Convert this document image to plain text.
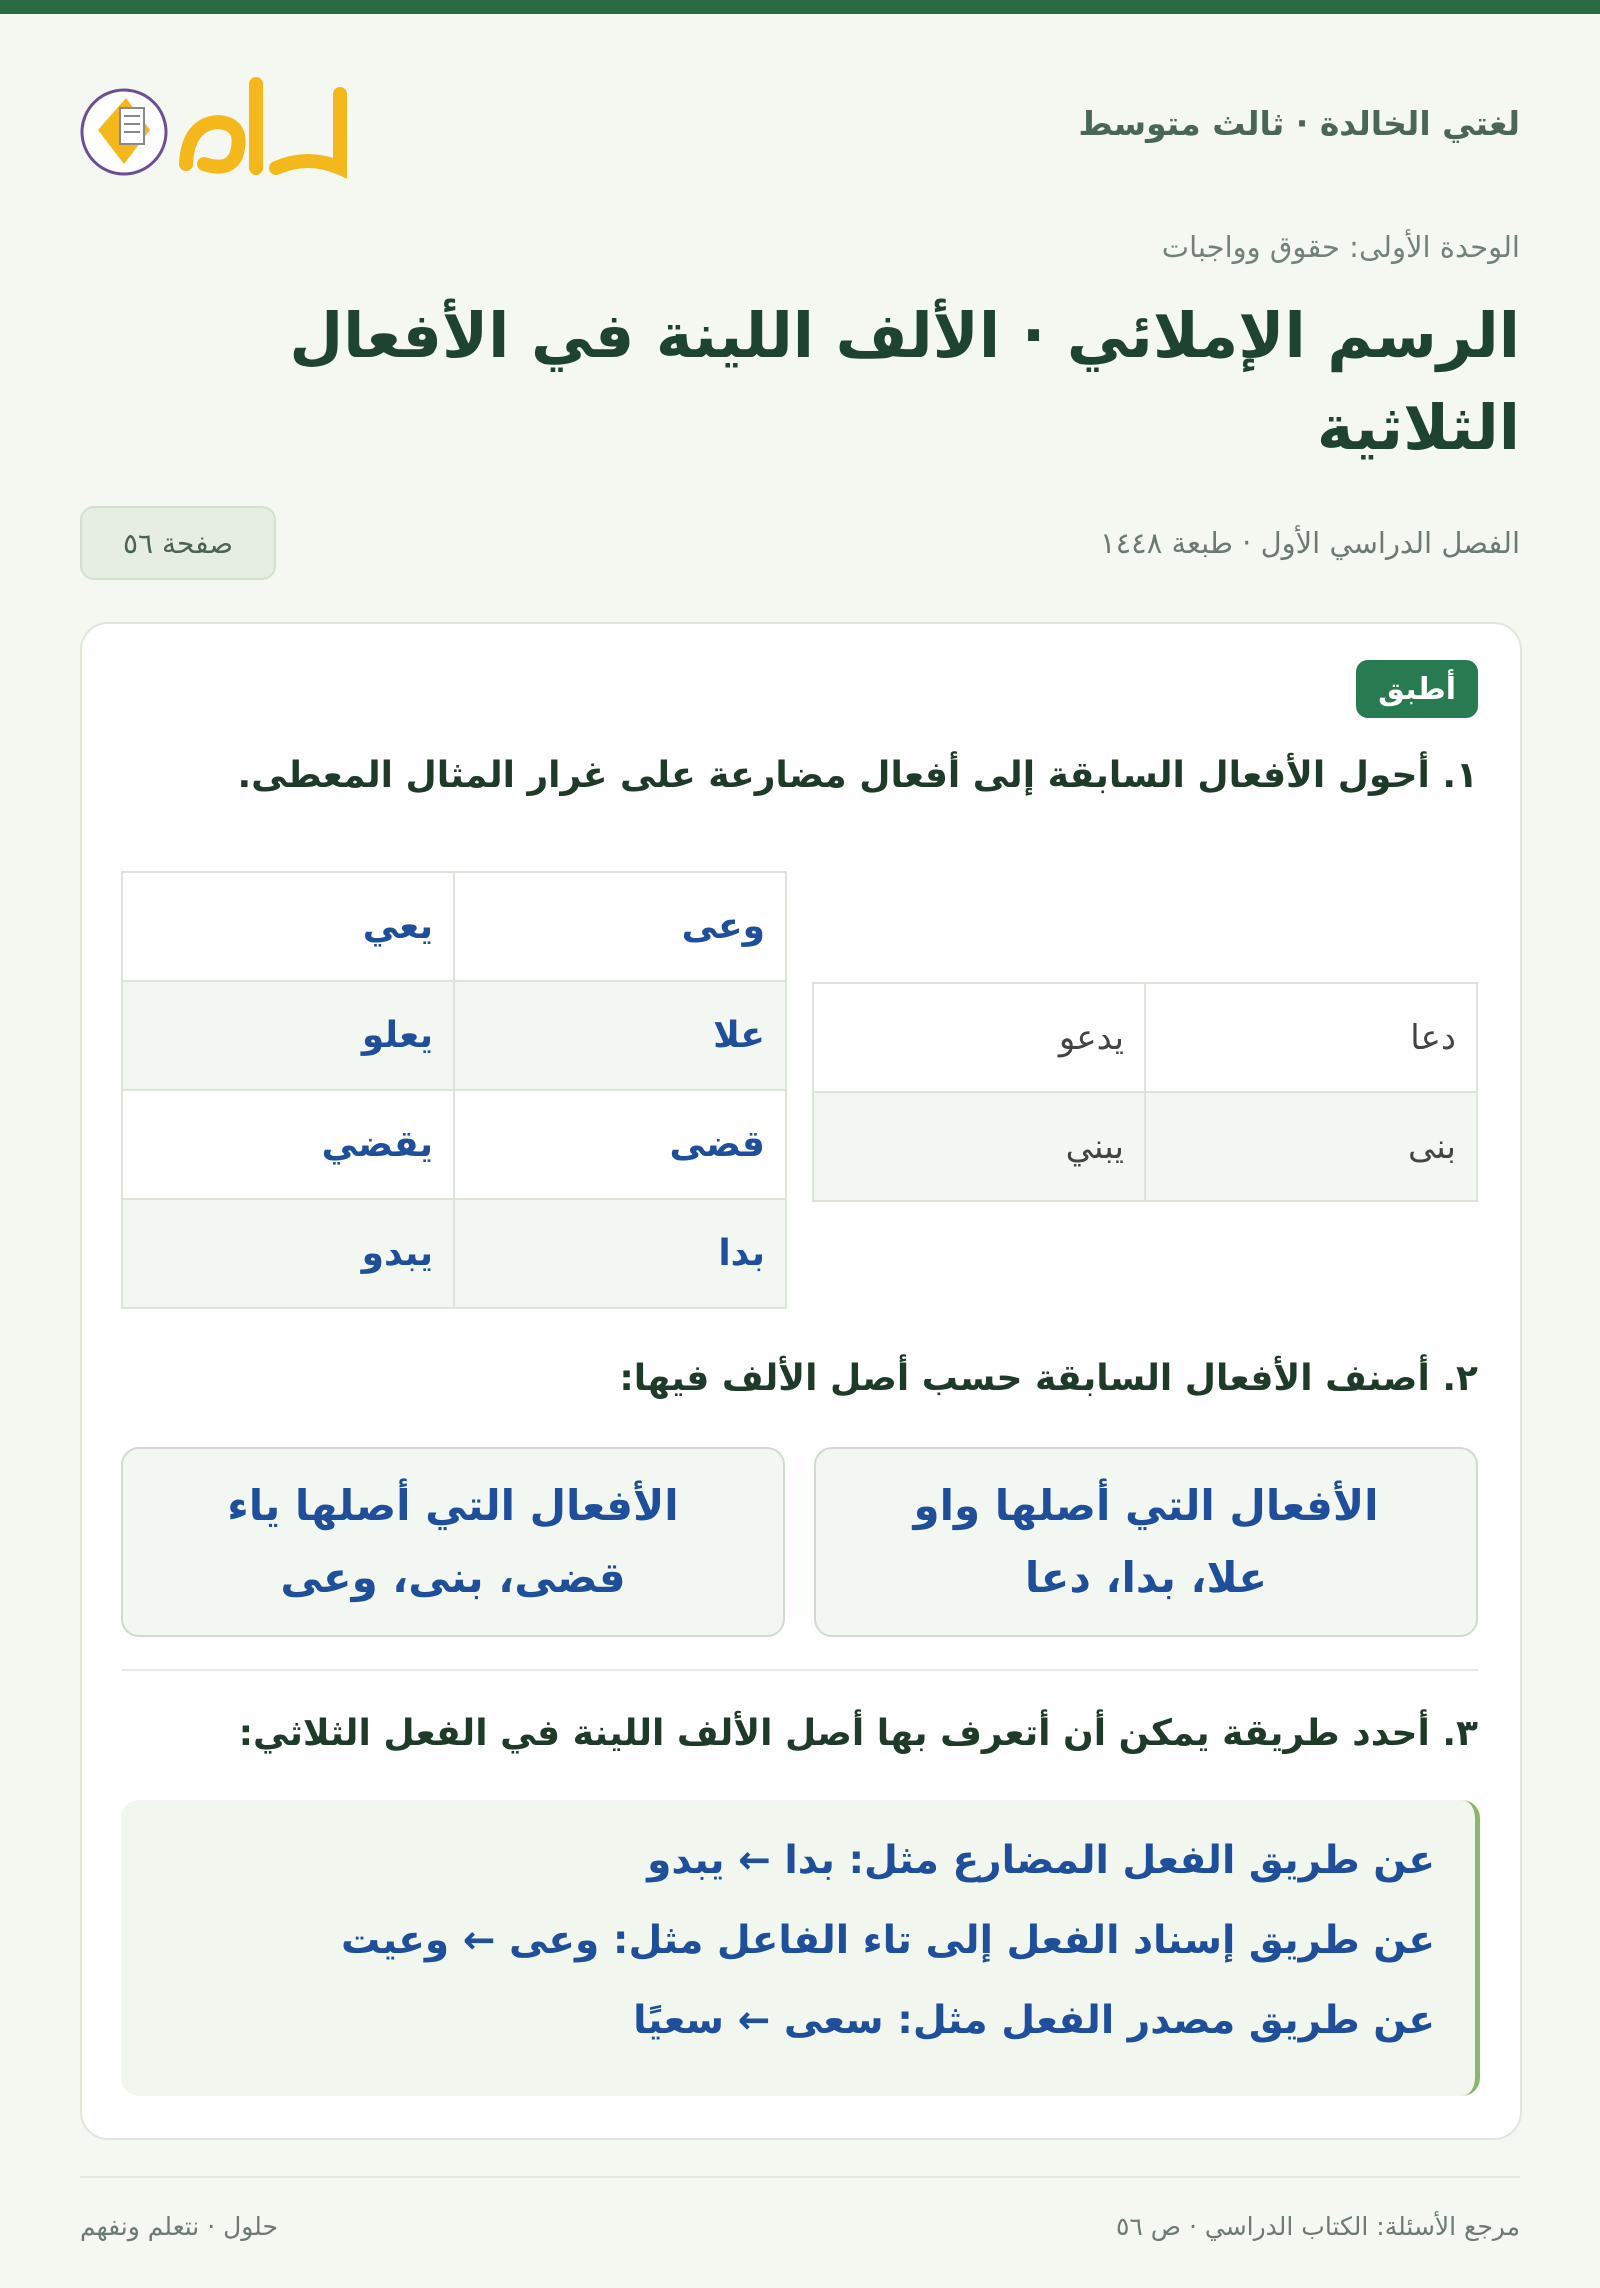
لغتي الخالدة · ثالث متوسط
الوحدة الأولى: حقوق وواجبات
الرسم الإملائي · الألف اللينة في الأفعال الثلاثية
الفصل الدراسي الأول · طبعة ١٤٤٨
صفحة ٥٦
أطبق
١. أحول الأفعال السابقة إلى أفعال مضارعة على غرار المثال المعطى.
دعا	يدعو
بنى	يبني
وعى	يعي
علا	يعلو
قضى	يقضي
بدا	يبدو
٢. أصنف الأفعال السابقة حسب أصل الألف فيها:
الأفعال التي أصلها واو
علا، بدا، دعا
الأفعال التي أصلها ياء
قضى، بنى، وعى
٣. أحدد طريقة يمكن أن أتعرف بها أصل الألف اللينة في الفعل الثلاثي:
عن طريق الفعل المضارع مثل: بدا ← يبدو
عن طريق إسناد الفعل إلى تاء الفاعل مثل: وعى ← وعيت
عن طريق مصدر الفعل مثل: سعى ← سعيًا
مرجع الأسئلة: الكتاب الدراسي · ص ٥٦
حلول · نتعلم ونفهم
